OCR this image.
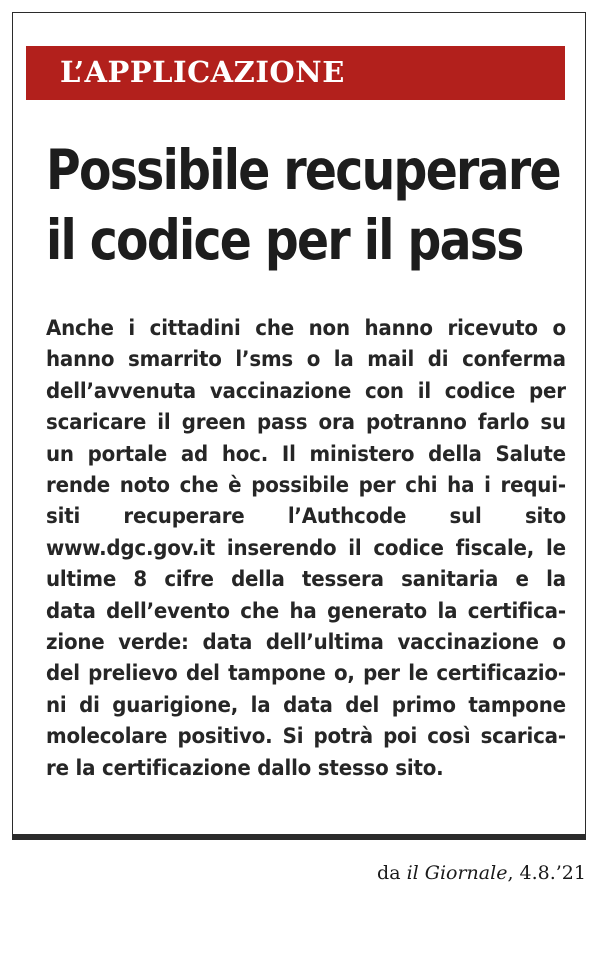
L’APPLICAZIONE
Possibile recuperare
il codice per il pass
Anche i cittadini che non hanno ricevuto o
hanno smarrito l’sms o la mail di conferma
dell’avvenuta vaccinazione con il codice per
scaricare il green pass ora potranno farlo su
un portale ad hoc. Il ministero della Salute
rende noto che è possibile per chi ha i requi-
siti recuperare l’Authcode sul sito
www.dgc.gov.it inserendo il codice fiscale, le
ultime 8 cifre della tessera sanitaria e la
data dell’evento che ha generato la certifica-
zione verde: data dell’ultima vaccinazione o
del prelievo del tampone o, per le certificazio-
ni di guarigione, la data del primo tampone
molecolare positivo. Si potrà poi così scarica-
re la certificazione dallo stesso sito.
da il Giornale, 4.8.’21
